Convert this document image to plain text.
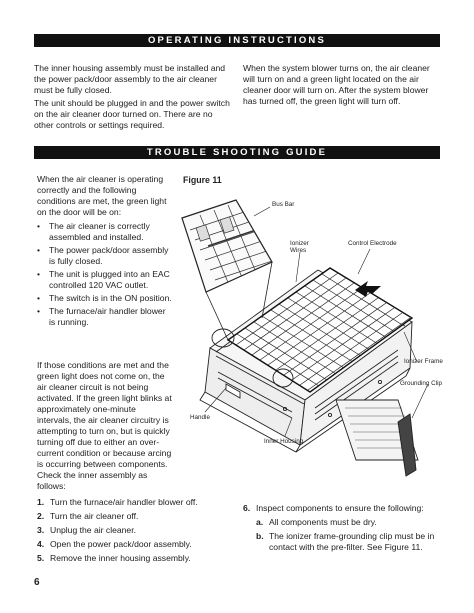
OPERATING INSTRUCTIONS

The inner housing assembly must be installed and the power pack/door assembly to the air cleaner must be fully closed.

The unit should be plugged in and the power switch on the air cleaner door turned on. There are no other controls or settings required.

When the system blower turns on, the air cleaner will turn on and a green light located on the air cleaner door will turn on. After the system blower has turned off, the green light will turn off.

TROUBLE SHOOTING GUIDE

When the air cleaner is operating correctly and the following conditions are met, the green light on the door will be on:

• The air cleaner is correctly assembled and installed.
• The power pack/door assembly is fully closed.
• The unit is plugged into an EAC controlled 120 VAC outlet.
• The switch is in the ON position.
• The furnace/air handler blower is running.

If those conditions are met and the green light does not come on, the air cleaner circuit is not being activated. If the green light blinks at approximately one-minute intervals, the air cleaner circuitry is attempting to turn on, but is quickly turning off due to either an over-current condition or because arcing is occurring between components. Check the inner assembly as follows:

1. Turn the furnace/air handler blower off.
2. Turn the air cleaner off.
3. Unplug the air cleaner.
4. Open the power pack/door assembly.
5. Remove the inner housing assembly.
6. Inspect components to ensure the following:
a. All components must be dry.
b. The ionizer frame-grounding clip must be in contact with the pre-filter. See Figure 11.
Figure 11
Bus Bar
Ionizer
Wires
Control Electrode
Ionizer Frame
Grounding Clip
Handle
Inner Housing
6
